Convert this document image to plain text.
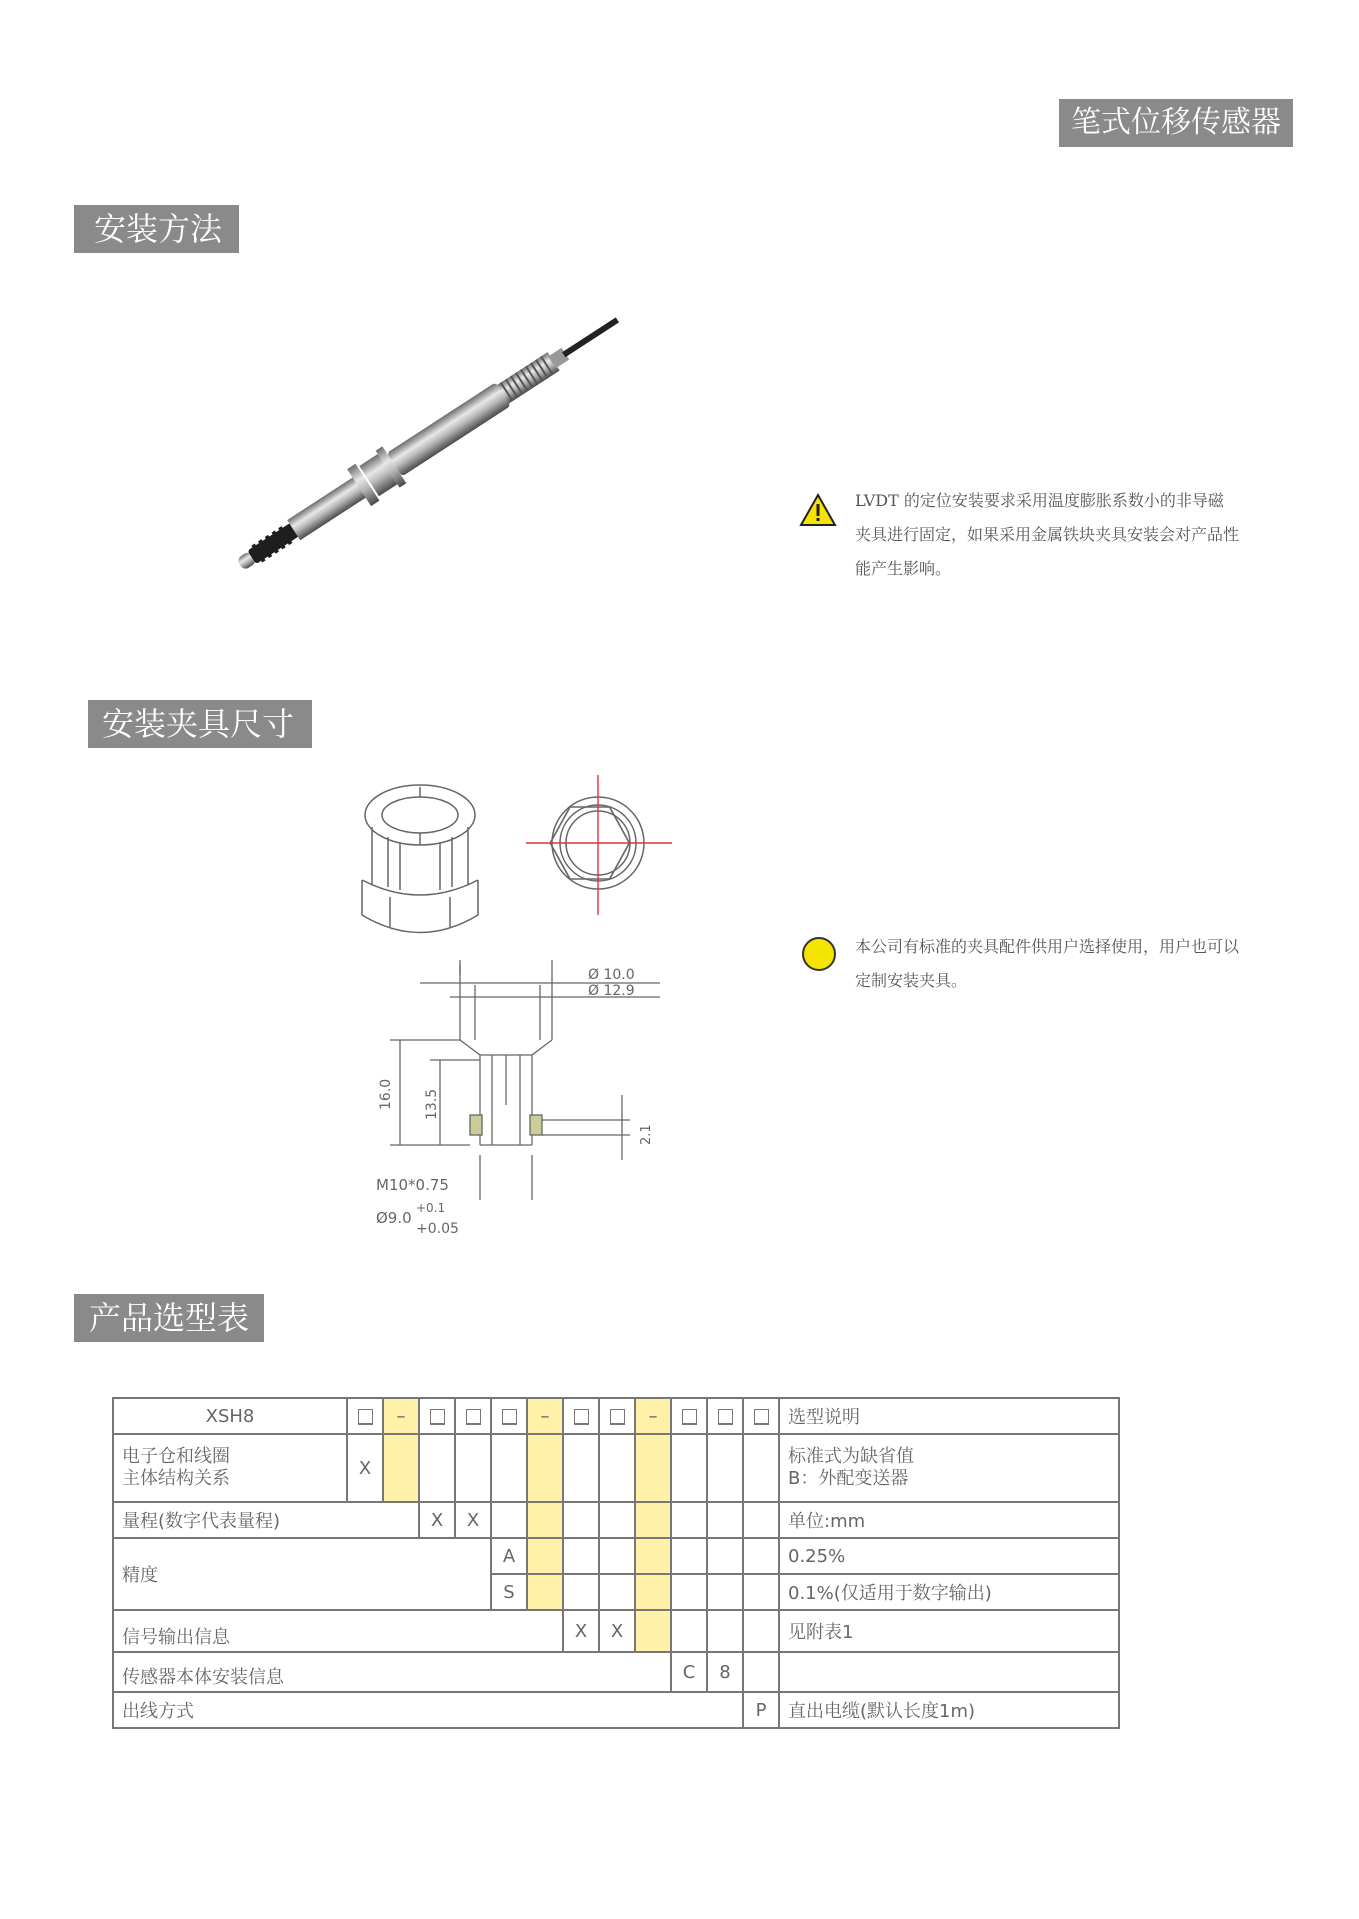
笔式位移传感器
安装方法

LVDT 的定位安装要求采用温度膨胀系数小的非导磁

夹具进行固定，如果采用金属铁块夹具安装会对产品性

能产生影响。

安装夹具尺寸
Ø 10.0
Ø 12.9
16.0 13.5
2.1
M10*0.75
Ø9.0
+0.1
+0.05

本公司有标准的夹具配件供用户选择使用，用户也可以

定制安装夹具。

产品选型表
XSH8		–				–			–				选型说明
电子仓和线圈
主体结构关系	X												标准式为缺省值
B：外配变送器
量程(数字代表量程)			X	X									单位:mm
精度					A								0.25%
					S								0.1%(仅适用于数字输出)
信号输出信息							X	X					见附表1
传感器本体安装信息										C	8		
出线方式												P	直出电缆(默认长度1m)
